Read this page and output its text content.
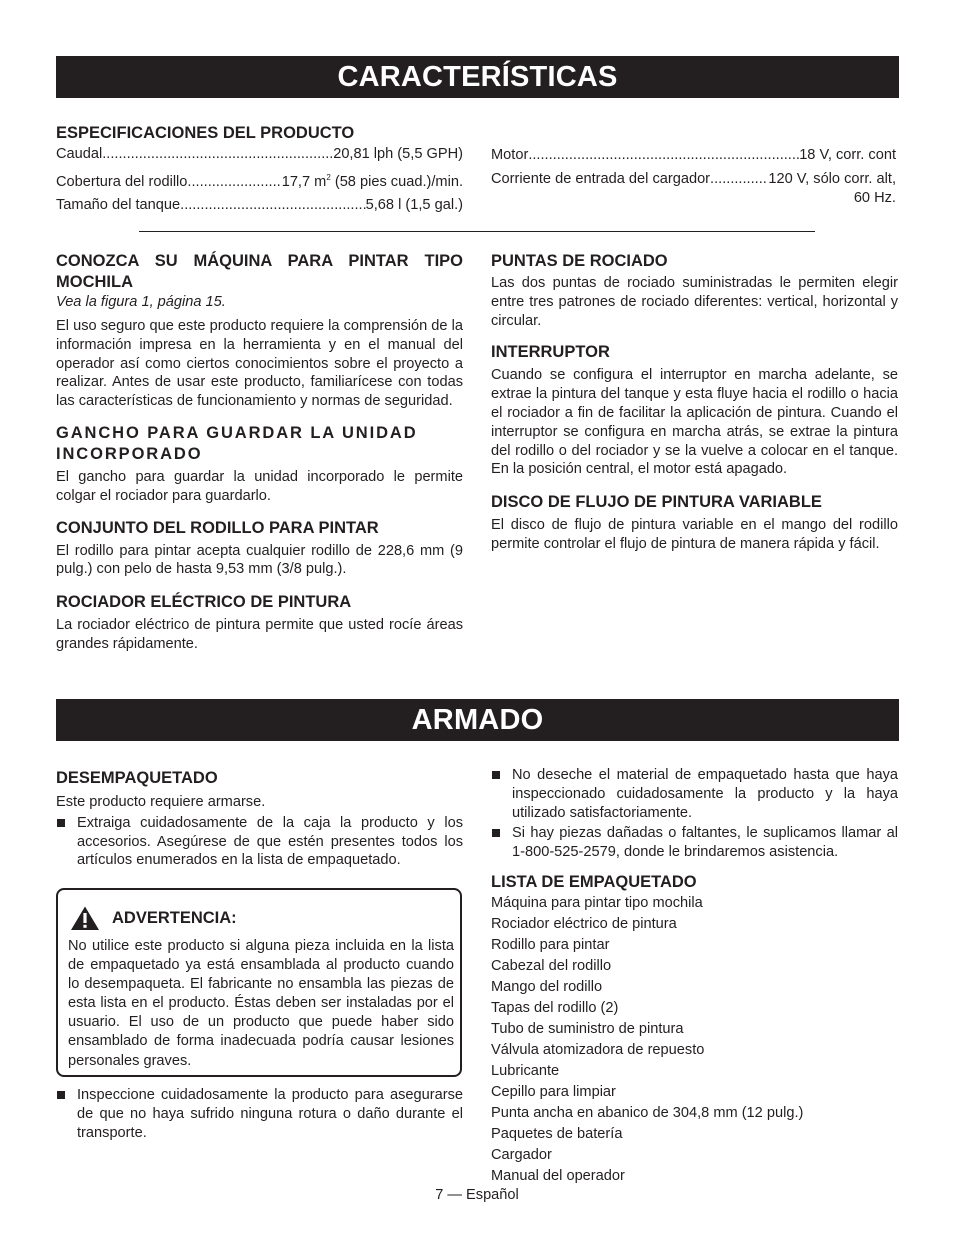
CARACTERÍSTICAS

ESPECIFICACIONES DEL PRODUCTO

Caudal .....	20,81 lph (5,5 GPH)
Cobertura del rodillo .....	17,7 $m^2$ (58 pies cuad.)/min.
Tamaño del tanque .....	5,68 l (1,5 gal.)
Motor .....	18 V, corr. cont
Corriente de entrada del cargador .....	120 V, sólo corr. alt,
60 Hz.

CONOZCA SU MÁQUINA PARA PINTAR TIPO MOCHILA

Vea la figura 1, página 15.

El uso seguro que este producto requiere la comprensión de la información impresa en la herramienta y en el manual del operador así como ciertos conocimientos sobre el proyecto a realizar. Antes de usar este producto, familiarícese con todas las características de funcionamiento y normas de seguridad.

GANCHO PARA GUARDAR LA UNIDAD INCORPORADO

El gancho para guardar la unidad incorporado le permite colgar el rociador para guardarlo.

CONJUNTO DEL RODILLO PARA PINTAR

El rodillo para pintar acepta cualquier rodillo de 228,6 mm (9 pulg.) con pelo de hasta 9,53 mm (3/8 pulg.).

ROCIADOR ELÉCTRICO DE PINTURA

La rociador eléctrico de pintura permite que usted rocíe áreas grandes rápidamente.

PUNTAS DE ROCIADO

Las dos puntas de rociado suministradas le permiten elegir entre tres patrones de rociado diferentes: vertical, horizontal y circular.

INTERRUPTOR

Cuando se configura el interruptor en marcha adelante, se extrae la pintura del tanque y esta fluye hacia el rodillo o hacia el rociador a fin de facilitar la aplicación de pintura. Cuando el interruptor se configura en marcha atrás, se extrae la pintura del rodillo o del rociador y se la vuelve a colocar en el tanque. En la posición central, el motor está apagado.

DISCO DE FLUJO DE PINTURA VARIABLE

El disco de flujo de pintura variable en el mango del rodillo permite controlar el flujo de pintura de manera rápida y fácil.

ARMADO

DESEMPAQUETADO

Este producto requiere armarse.

Extraiga cuidadosamente de la caja la producto y los accesorios. Asegúrese de que estén presentes todos los artículos enumerados en la lista de empaquetado.
ADVERTENCIA:
No utilice este producto si alguna pieza incluida en la lista de empaquetado ya está ensamblada al producto cuando lo desempaqueta. El fabricante no ensambla las piezas de esta lista en el producto. Éstas deben ser instaladas por el usuario. El uso de un producto que puede haber sido ensamblado de forma inadecuada podría causar lesiones personales graves.
Inspeccione cuidadosamente la producto para asegurarse de que no haya sufrido ninguna rotura o daño durante el transporte.
No deseche el material de empaquetado hasta que haya inspeccionado cuidadosamente la producto y la haya utilizado satisfactoriamente.
Si hay piezas dañadas o faltantes, le suplicamos llamar al 1-800-525-2579, donde le brindaremos asistencia.

LISTA DE EMPAQUETADO

Máquina para pintar tipo mochila

Rociador eléctrico de pintura

Rodillo para pintar

Cabezal del rodillo

Mango del rodillo

Tapas del rodillo (2)

Tubo de suministro de pintura

Válvula atomizadora de repuesto

Lubricante

Cepillo para limpiar

Punta ancha en abanico de 304,8 mm (12 pulg.)

Paquetes de batería

Cargador

Manual del operador

7 — Español
